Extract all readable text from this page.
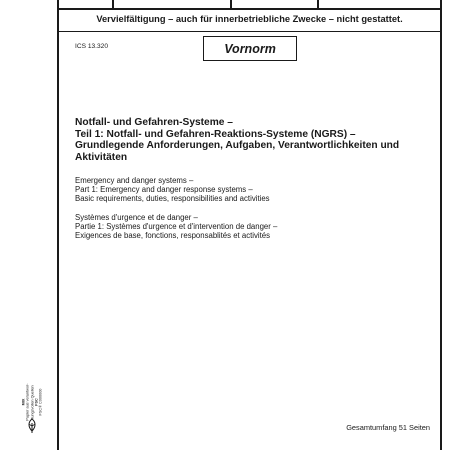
Vervielfältigung – auch für innerbetriebliche Zwecke – nicht gestattet.
ICS 13.320	Vornorm
Notfall- und Gefahren-Systeme –
Teil 1: Notfall- und Gefahren-Reaktions-Systeme (NGRS) –
Grundlegende Anforderungen, Aufgaben, Verantwortlichkeiten und
Aktivitäten
Emergency and danger systems –
Part 1: Emergency and danger response systems –
Basic requirements, duties, responsibilities and activities
Systèmes d'urgence et de danger –
Partie 1: Systèmes d'urgence et d'intervention de danger –
Exigences de base, fonctions, responsablités et activités
MIX Papier aus verantwor- tungsvollen Quellen FSC FSC® C000000
Gesamtumfang 51 Seiten
